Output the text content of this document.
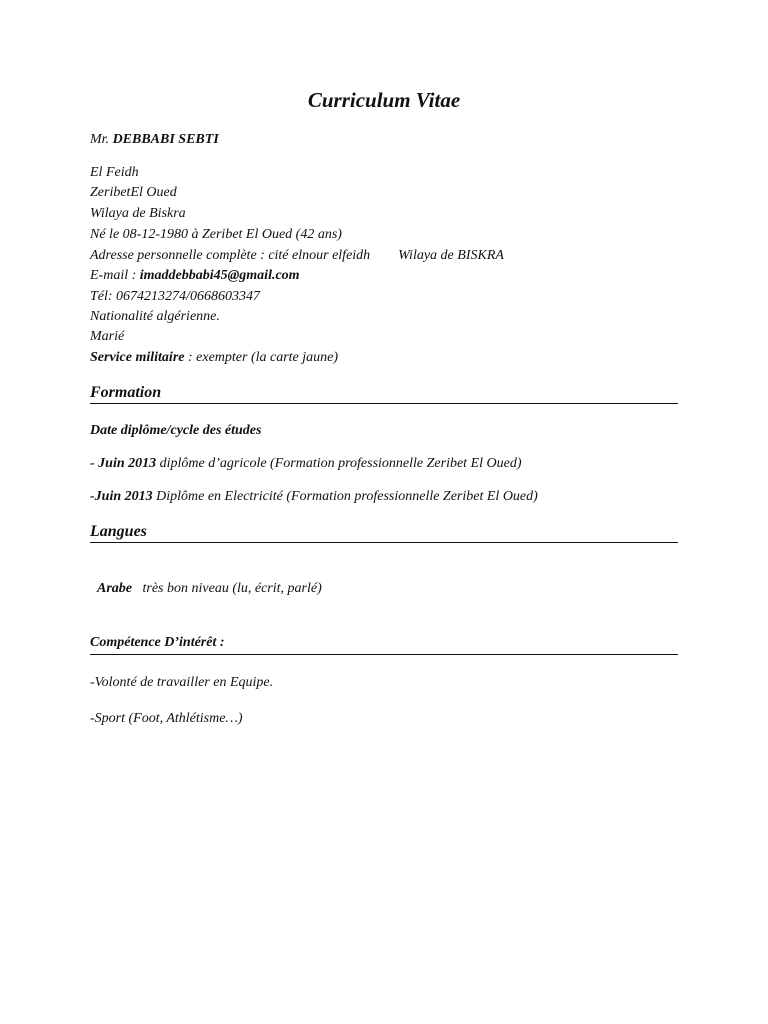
Curriculum Vitae
Mr. DEBBABI SEBTI
El Feidh
ZeribetEl Oued
Wilaya de Biskra
Né le 08-12-1980 à Zeribet El Oued (42 ans)
Adresse personnelle complète : cité elnour elfeidh Wilaya de BISKRA
E-mail : imaddebbabi45@gmail.com
Tél: 0674213274/0668603347
Nationalité algérienne.
Marié
Service militaire : exempter (la carte jaune)
Formation
Date diplôme/cycle des études
- Juin 2013 diplôme d’agricole (Formation professionnelle Zeribet El Oued)
-Juin 2013 Diplôme en Electricité (Formation professionnelle Zeribet El Oued)
Langues

Arabe   très bon niveau (lu, écrit, parlé)

Compétence D’intérêt :
-Volonté de travailler en Equipe.
-Sport (Foot, Athlétisme…)
